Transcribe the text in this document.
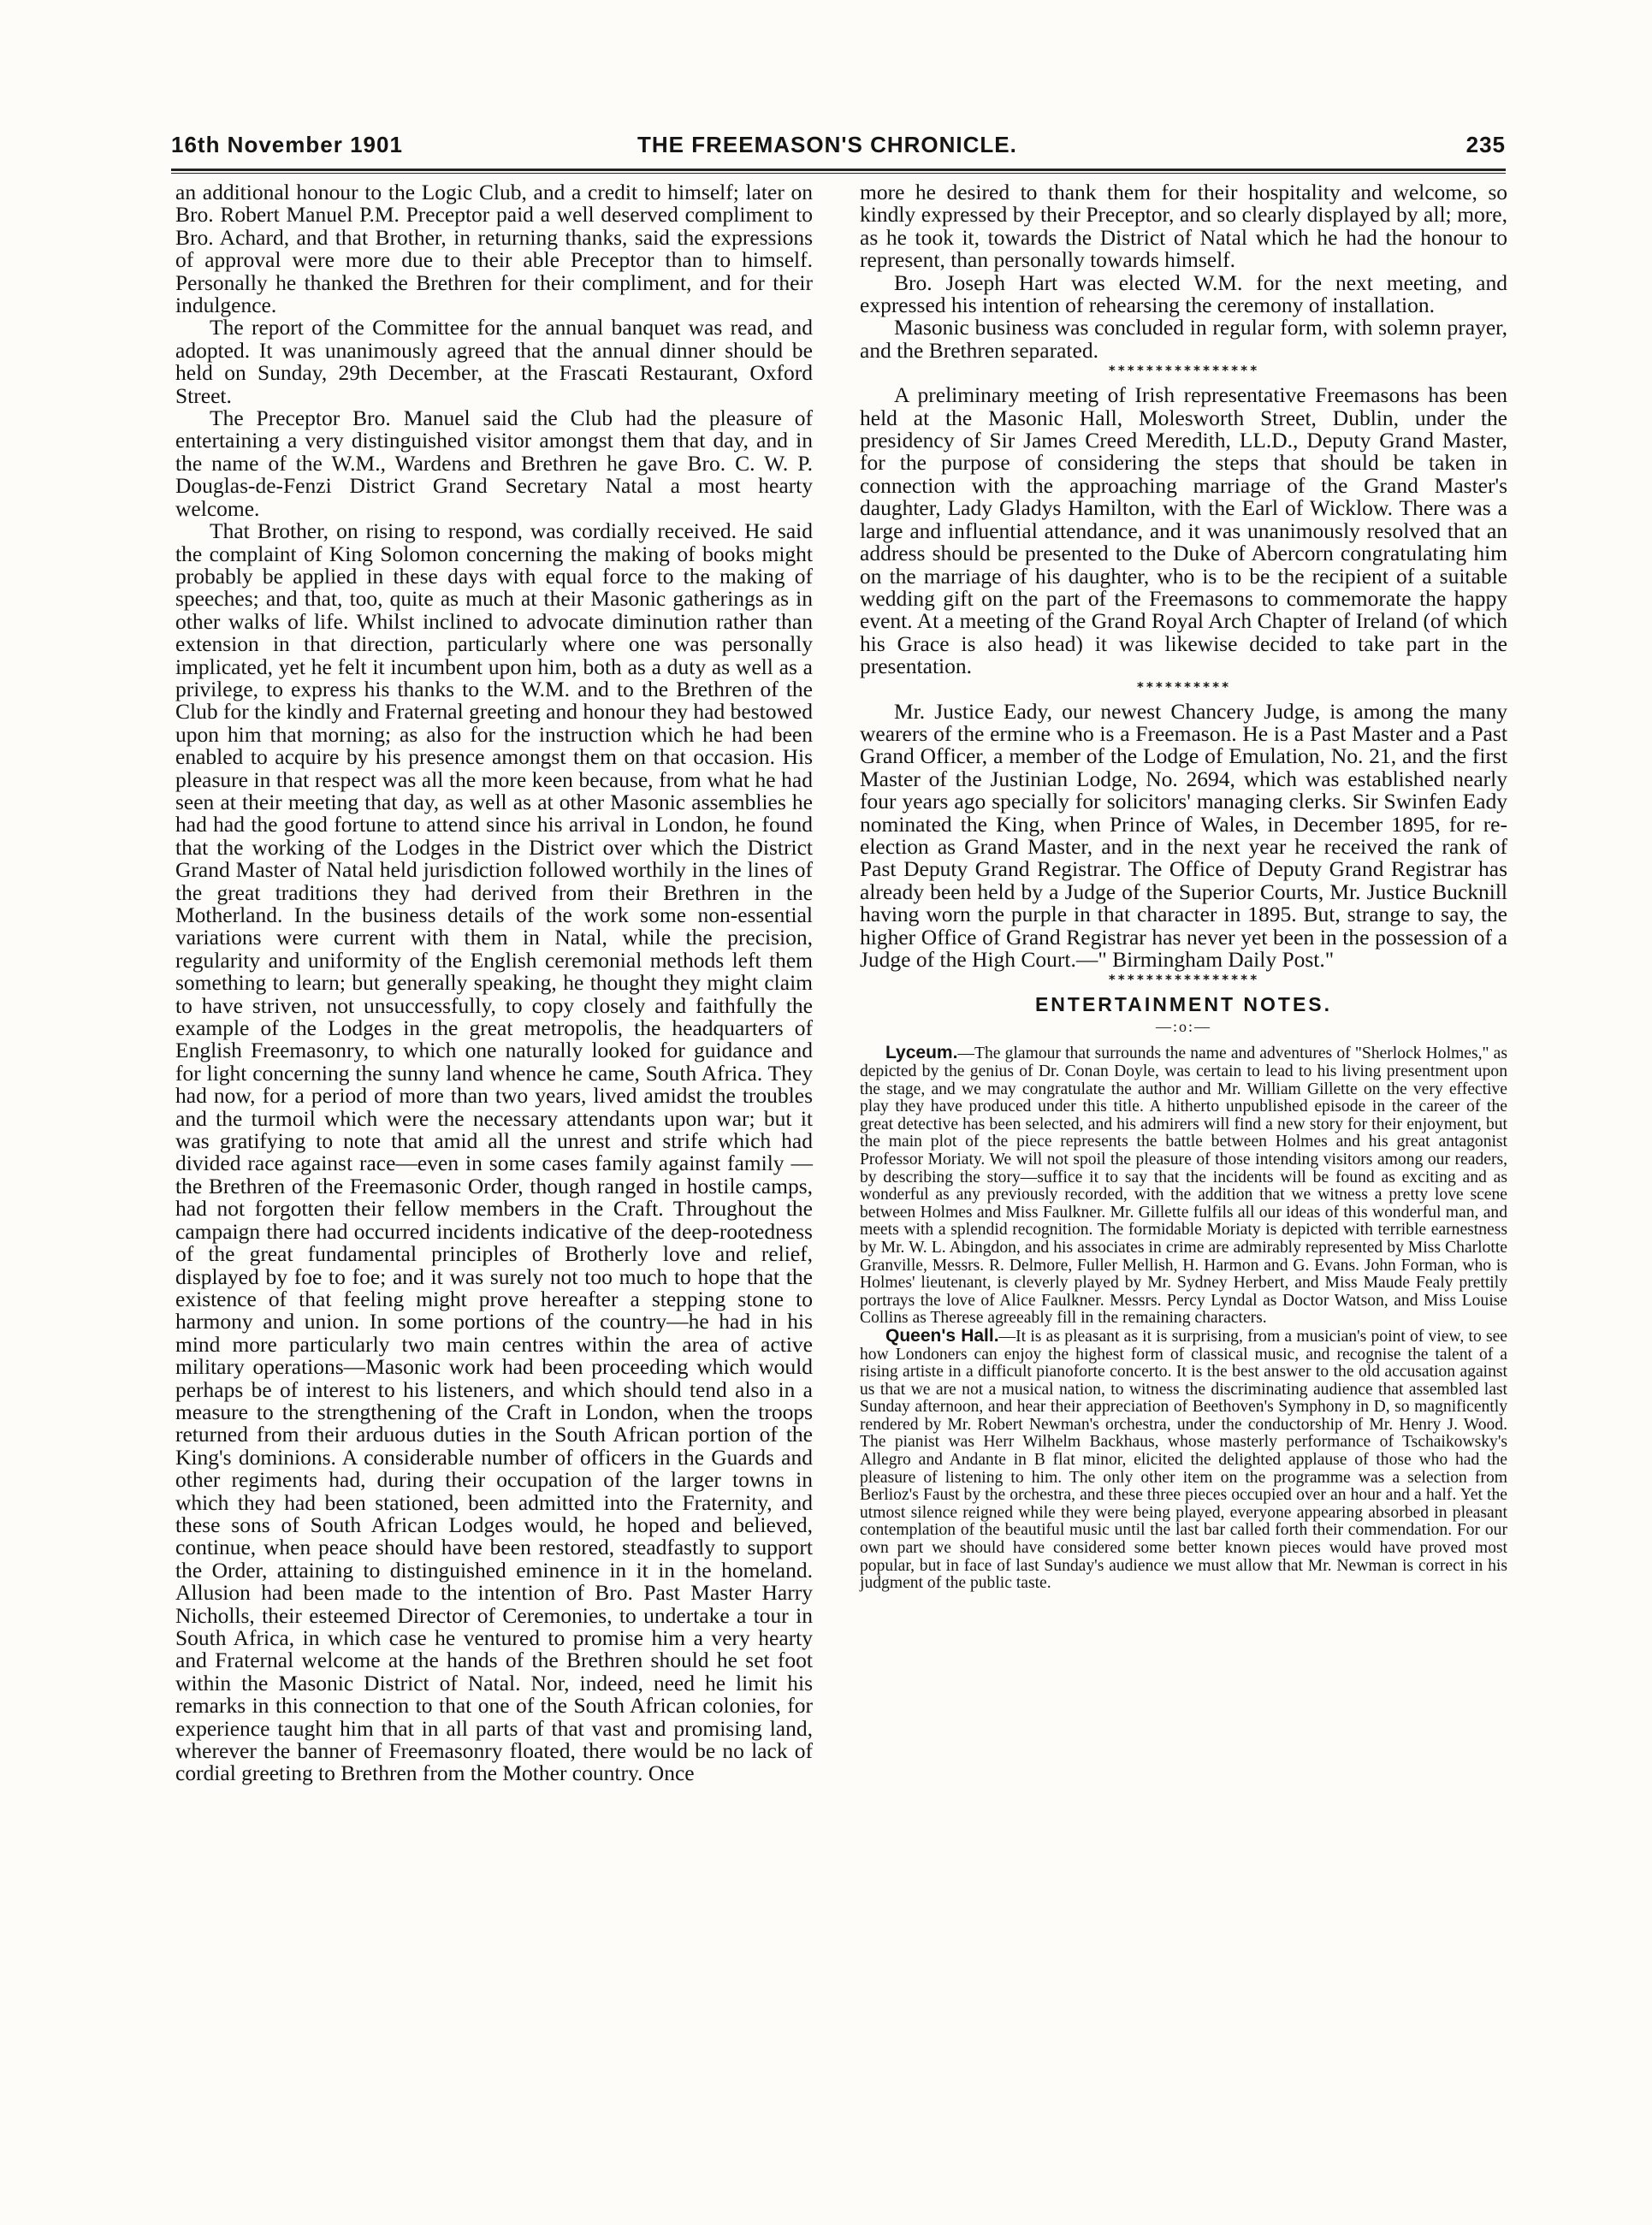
16th November 1901	THE FREEMASON'S CHRONICLE.	235

an additional honour to the Logic Club, and a credit to himself; later on Bro. Robert Manuel P.M. Preceptor paid a well deserved compliment to Bro. Achard, and that Brother, in returning thanks, said the expressions of approval were more due to their able Preceptor than to himself. Personally he thanked the Brethren for their compliment, and for their indulgence.

The report of the Committee for the annual banquet was read, and adopted. It was unanimously agreed that the annual dinner should be held on Sunday, 29th December, at the Frascati Restaurant, Oxford Street.

The Preceptor Bro. Manuel said the Club had the pleasure of entertaining a very distinguished visitor amongst them that day, and in the name of the W.M., Wardens and Brethren he gave Bro. C. W. P. Douglas-de-Fenzi District Grand Secretary Natal a most hearty welcome.

That Brother, on rising to respond, was cordially received. He said the complaint of King Solomon concerning the making of books might probably be applied in these days with equal force to the making of speeches; and that, too, quite as much at their Masonic gatherings as in other walks of life. Whilst inclined to advocate diminution rather than extension in that direction, particularly where one was personally implicated, yet he felt it incumbent upon him, both as a duty as well as a privilege, to express his thanks to the W.M. and to the Brethren of the Club for the kindly and Fraternal greeting and honour they had bestowed upon him that morning; as also for the instruction which he had been enabled to acquire by his presence amongst them on that occasion. His pleasure in that respect was all the more keen because, from what he had seen at their meeting that day, as well as at other Masonic assemblies he had had the good fortune to attend since his arrival in London, he found that the working of the Lodges in the District over which the District Grand Master of Natal held jurisdiction followed worthily in the lines of the great traditions they had derived from their Brethren in the Motherland. In the business details of the work some non-essential variations were current with them in Natal, while the precision, regularity and uniformity of the English ceremonial methods left them something to learn; but generally speaking, he thought they might claim to have striven, not unsuccessfully, to copy closely and faithfully the example of the Lodges in the great metropolis, the headquarters of English Freemasonry, to which one naturally looked for guidance and for light concerning the sunny land whence he came, South Africa. They had now, for a period of more than two years, lived amidst the troubles and the turmoil which were the necessary attendants upon war; but it was gratifying to note that amid all the unrest and strife which had divided race against race—even in some cases family against family —the Brethren of the Freemasonic Order, though ranged in hostile camps, had not forgotten their fellow members in the Craft. Throughout the campaign there had occurred incidents indicative of the deep-rootedness of the great fundamental principles of Brotherly love and relief, displayed by foe to foe; and it was surely not too much to hope that the existence of that feeling might prove hereafter a stepping stone to harmony and union. In some portions of the country—he had in his mind more particularly two main centres within the area of active military operations—Masonic work had been proceeding which would perhaps be of interest to his listeners, and which should tend also in a measure to the strengthening of the Craft in London, when the troops returned from their arduous duties in the South African portion of the King's dominions. A considerable number of officers in the Guards and other regiments had, during their occupation of the larger towns in which they had been stationed, been admitted into the Fraternity, and these sons of South African Lodges would, he hoped and believed, continue, when peace should have been restored, steadfastly to support the Order, attaining to distinguished eminence in it in the homeland. Allusion had been made to the intention of Bro. Past Master Harry Nicholls, their esteemed Director of Ceremonies, to undertake a tour in South Africa, in which case he ventured to promise him a very hearty and Fraternal welcome at the hands of the Brethren should he set foot within the Masonic District of Natal. Nor, indeed, need he limit his remarks in this connection to that one of the South African colonies, for experience taught him that in all parts of that vast and promising land, wherever the banner of Freemasonry floated, there would be no lack of cordial greeting to Brethren from the Mother country. Once

more he desired to thank them for their hospitality and welcome, so kindly expressed by their Preceptor, and so clearly displayed by all; more, as he took it, towards the District of Natal which he had the honour to represent, than personally towards himself.

Bro. Joseph Hart was elected W.M. for the next meeting, and expressed his intention of rehearsing the ceremony of installation.

Masonic business was concluded in regular form, with solemn prayer, and the Brethren separated.

****************

A preliminary meeting of Irish representative Freemasons has been held at the Masonic Hall, Molesworth Street, Dublin, under the presidency of Sir James Creed Meredith, LL.D., Deputy Grand Master, for the purpose of considering the steps that should be taken in connection with the approaching marriage of the Grand Master's daughter, Lady Gladys Hamilton, with the Earl of Wicklow. There was a large and influential attendance, and it was unanimously resolved that an address should be presented to the Duke of Abercorn congratulating him on the marriage of his daughter, who is to be the recipient of a suitable wedding gift on the part of the Freemasons to commemorate the happy event. At a meeting of the Grand Royal Arch Chapter of Ireland (of which his Grace is also head) it was likewise decided to take part in the presentation.

**********

Mr. Justice Eady, our newest Chancery Judge, is among the many wearers of the ermine who is a Freemason. He is a Past Master and a Past Grand Officer, a member of the Lodge of Emulation, No. 21, and the first Master of the Justinian Lodge, No. 2694, which was established nearly four years ago specially for solicitors' managing clerks. Sir Swinfen Eady nominated the King, when Prince of Wales, in December 1895, for re-election as Grand Master, and in the next year he received the rank of Past Deputy Grand Registrar. The Office of Deputy Grand Registrar has already been held by a Judge of the Superior Courts, Mr. Justice Bucknill having worn the purple in that character in 1895. But, strange to say, the higher Office of Grand Registrar has never yet been in the possession of a Judge of the High Court.—" Birmingham Daily Post."

****************
ENTERTAINMENT NOTES.
—:o:—

Lyceum.—The glamour that surrounds the name and adventures of "Sherlock Holmes," as depicted by the genius of Dr. Conan Doyle, was certain to lead to his living presentment upon the stage, and we may congratulate the author and Mr. William Gillette on the very effective play they have produced under this title. A hitherto unpublished episode in the career of the great detective has been selected, and his admirers will find a new story for their enjoyment, but the main plot of the piece represents the battle between Holmes and his great antagonist Professor Moriaty. We will not spoil the pleasure of those intending visitors among our readers, by describing the story—suffice it to say that the incidents will be found as exciting and as wonderful as any previously recorded, with the addition that we witness a pretty love scene between Holmes and Miss Faulkner. Mr. Gillette fulfils all our ideas of this wonderful man, and meets with a splendid recognition. The formidable Moriaty is depicted with terrible earnestness by Mr. W. L. Abingdon, and his associates in crime are admirably represented by Miss Charlotte Granville, Messrs. R. Delmore, Fuller Mellish, H. Harmon and G. Evans. John Forman, who is Holmes' lieutenant, is cleverly played by Mr. Sydney Herbert, and Miss Maude Fealy prettily portrays the love of Alice Faulkner. Messrs. Percy Lyndal as Doctor Watson, and Miss Louise Collins as Therese agreeably fill in the remaining characters.

Queen's Hall.—It is as pleasant as it is surprising, from a musician's point of view, to see how Londoners can enjoy the highest form of classical music, and recognise the talent of a rising artiste in a difficult pianoforte concerto. It is the best answer to the old accusation against us that we are not a musical nation, to witness the discriminating audience that assembled last Sunday afternoon, and hear their appreciation of Beethoven's Symphony in D, so magnificently rendered by Mr. Robert Newman's orchestra, under the conductorship of Mr. Henry J. Wood. The pianist was Herr Wilhelm Backhaus, whose masterly performance of Tschaikowsky's Allegro and Andante in B flat minor, elicited the delighted applause of those who had the pleasure of listening to him. The only other item on the programme was a selection from Berlioz's Faust by the orchestra, and these three pieces occupied over an hour and a half. Yet the utmost silence reigned while they were being played, everyone appearing absorbed in pleasant contemplation of the beautiful music until the last bar called forth their commendation. For our own part we should have considered some better known pieces would have proved most popular, but in face of last Sunday's audience we must allow that Mr. Newman is correct in his judgment of the public taste.
